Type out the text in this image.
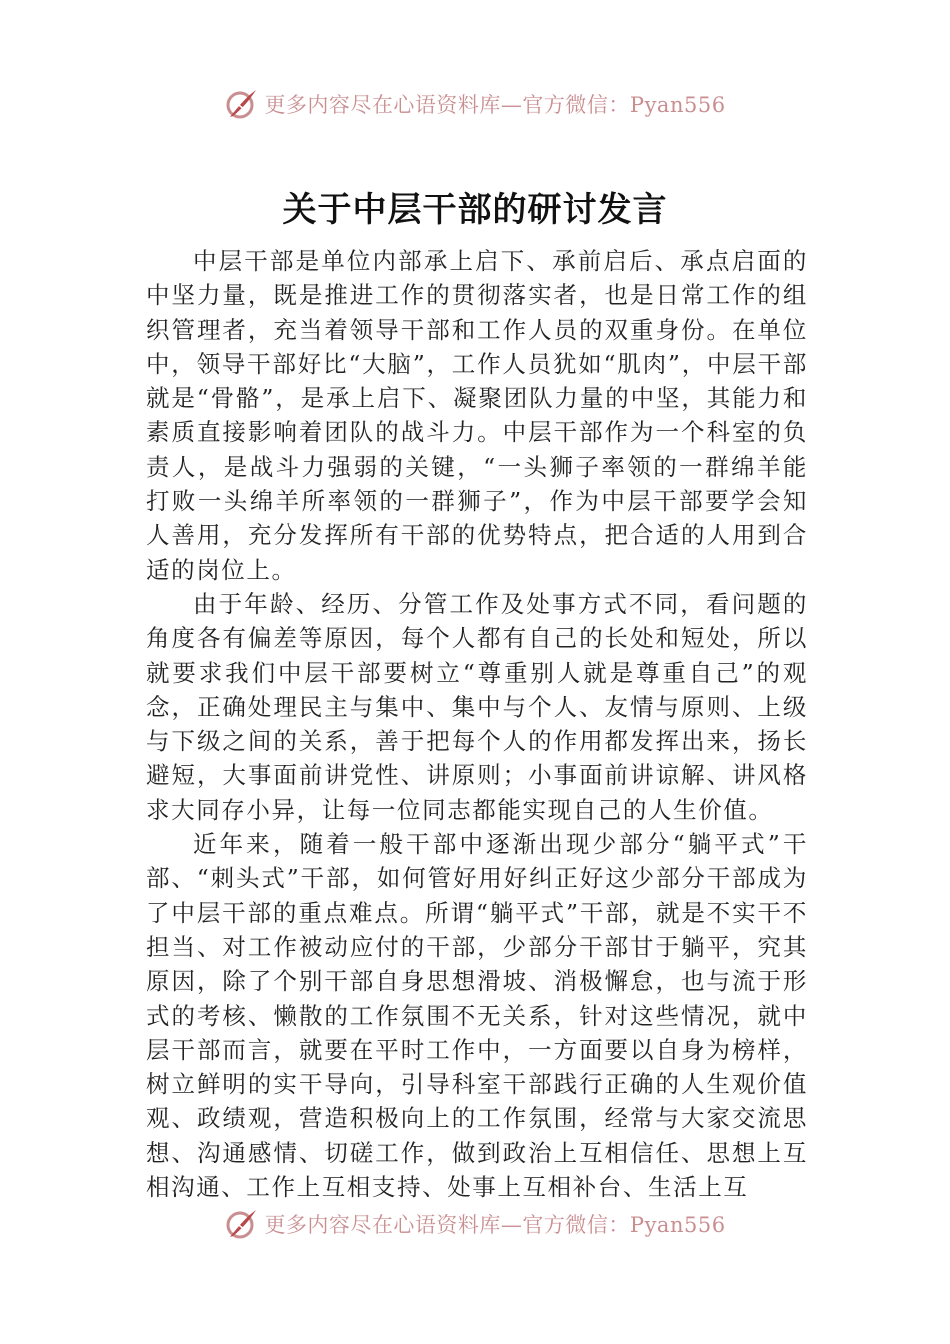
更多内容尽在心语资料库—官方微信：Pyan556
关于中层干部的研讨发言

中层干部是单位内部承上启下、承前启后、承点启面的中坚力量，既是推进工作的贯彻落实者，也是日常工作的组织管理者，充当着领导干部和工作人员的双重身份。在单位中，领导干部好比“大脑”，工作人员犹如“肌肉”，中层干部就是“骨骼”，是承上启下、凝聚团队力量的中坚，其能力和素质直接影响着团队的战斗力。中层干部作为一个科室的负责人，是战斗力强弱的关键，“一头狮子率领的一群绵羊能打败一头绵羊所率领的一群狮子”，作为中层干部要学会知人善用，充分发挥所有干部的优势特点，把合适的人用到合适的岗位上。

由于年龄、经历、分管工作及处事方式不同，看问题的角度各有偏差等原因，每个人都有自己的长处和短处，所以就要求我们中层干部要树立“尊重别人就是尊重自己”的观念，正确处理民主与集中、集中与个人、友情与原则、上级与下级之间的关系，善于把每个人的作用都发挥出来，扬长避短，大事面前讲党性、讲原则；小事面前讲谅解、讲风格求大同存小异，让每一位同志都能实现自己的人生价值。

近年来，随着一般干部中逐渐出现少部分“躺平式”干部、“刺头式”干部，如何管好用好纠正好这少部分干部成为了中层干部的重点难点。所谓“躺平式”干部，就是不实干不担当、对工作被动应付的干部，少部分干部甘于躺平，究其原因，除了个别干部自身思想滑坡、消极懈怠，也与流于形式的考核、懒散的工作氛围不无关系，针对这些情况，就中层干部而言，就要在平时工作中，一方面要以自身为榜样，树立鲜明的实干导向，引导科室干部践行正确的人生观价值观、政绩观，营造积极向上的工作氛围，经常与大家交流思想、沟通感情、切磋工作，做到政治上互相信任、思想上互相沟通、工作上互相支持、处事上互相补台、生活上互

更多内容尽在心语资料库—官方微信：Pyan556
